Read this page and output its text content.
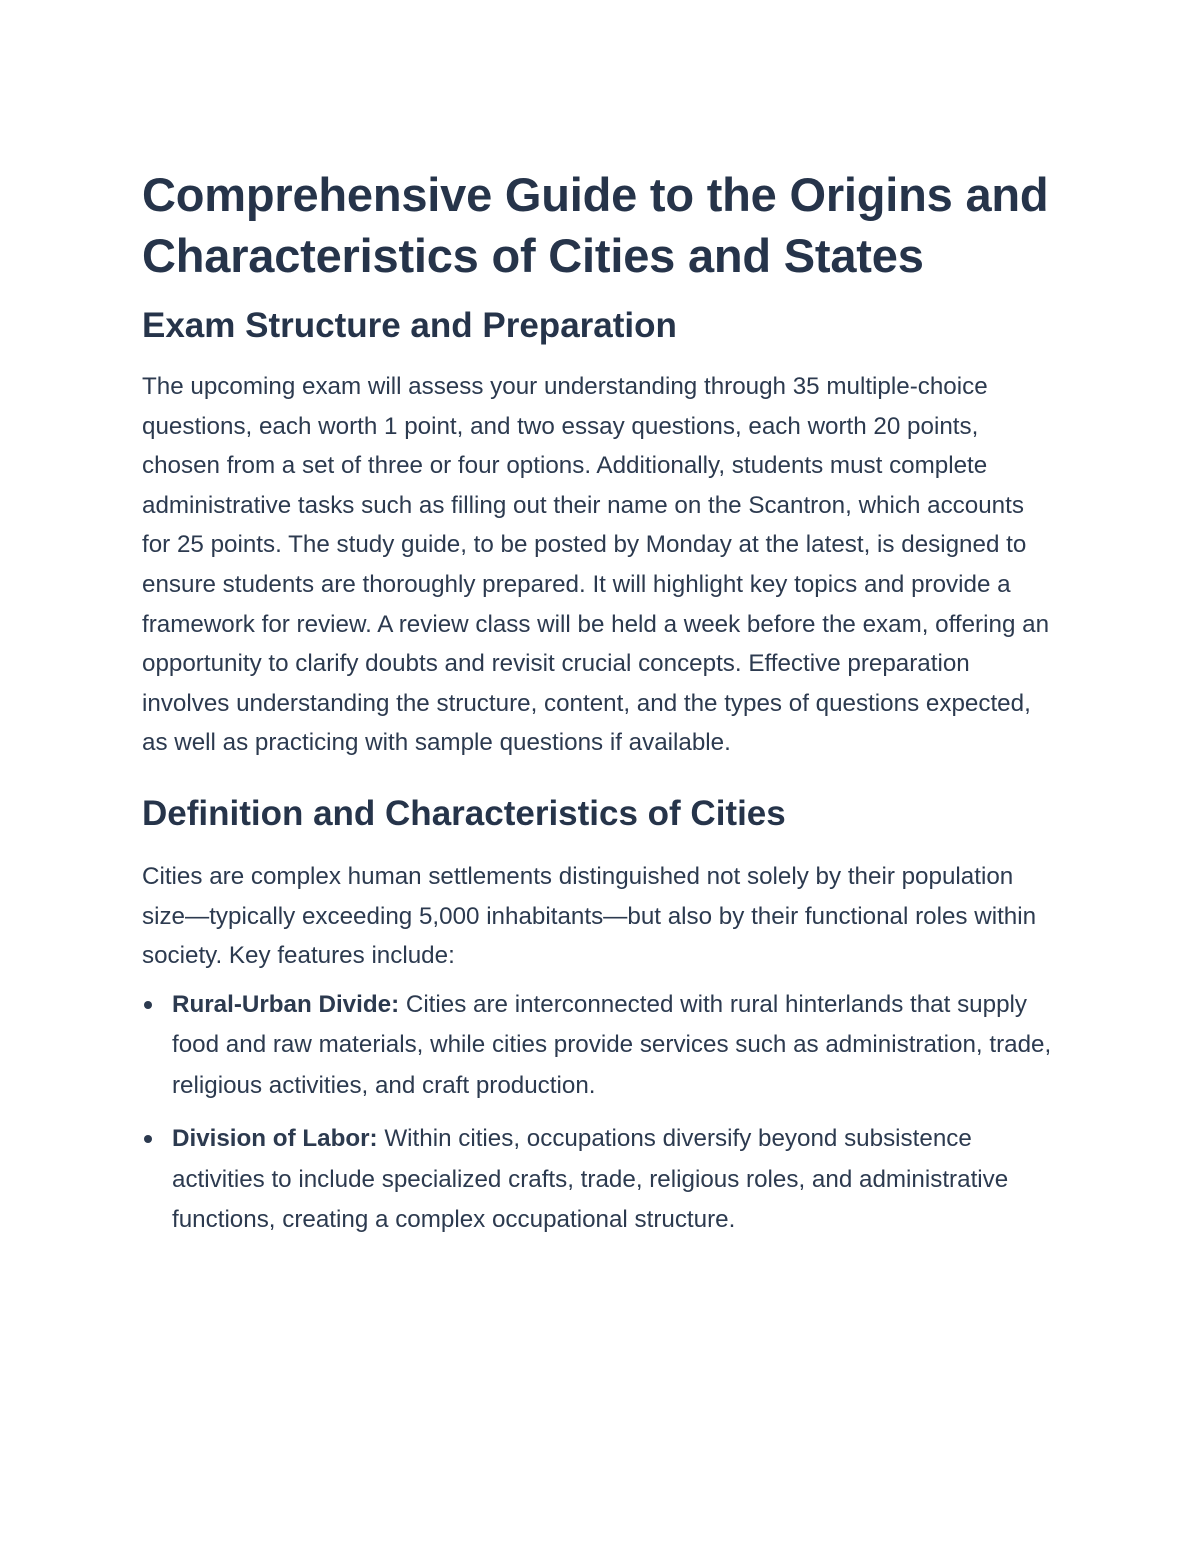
Comprehensive Guide to the Origins and Characteristics of Cities and States
Exam Structure and Preparation

The upcoming exam will assess your understanding through 35 multiple-choice questions, each worth 1 point, and two essay questions, each worth 20 points, chosen from a set of three or four options. Additionally, students must complete administrative tasks such as filling out their name on the Scantron, which accounts for 25 points. The study guide, to be posted by Monday at the latest, is designed to ensure students are thoroughly prepared. It will highlight key topics and provide a framework for review. A review class will be held a week before the exam, offering an opportunity to clarify doubts and revisit crucial concepts. Effective preparation involves understanding the structure, content, and the types of questions expected, as well as practicing with sample questions if available.

Definition and Characteristics of Cities

Cities are complex human settlements distinguished not solely by their population size—typically exceeding 5,000 inhabitants—but also by their functional roles within society. Key features include:

Rural-Urban Divide: Cities are interconnected with rural hinterlands that supply food and raw materials, while cities provide services such as administration, trade, religious activities, and craft production.
Division of Labor: Within cities, occupations diversify beyond subsistence activities to include specialized crafts, trade, religious roles, and administrative functions, creating a complex occupational structure.
